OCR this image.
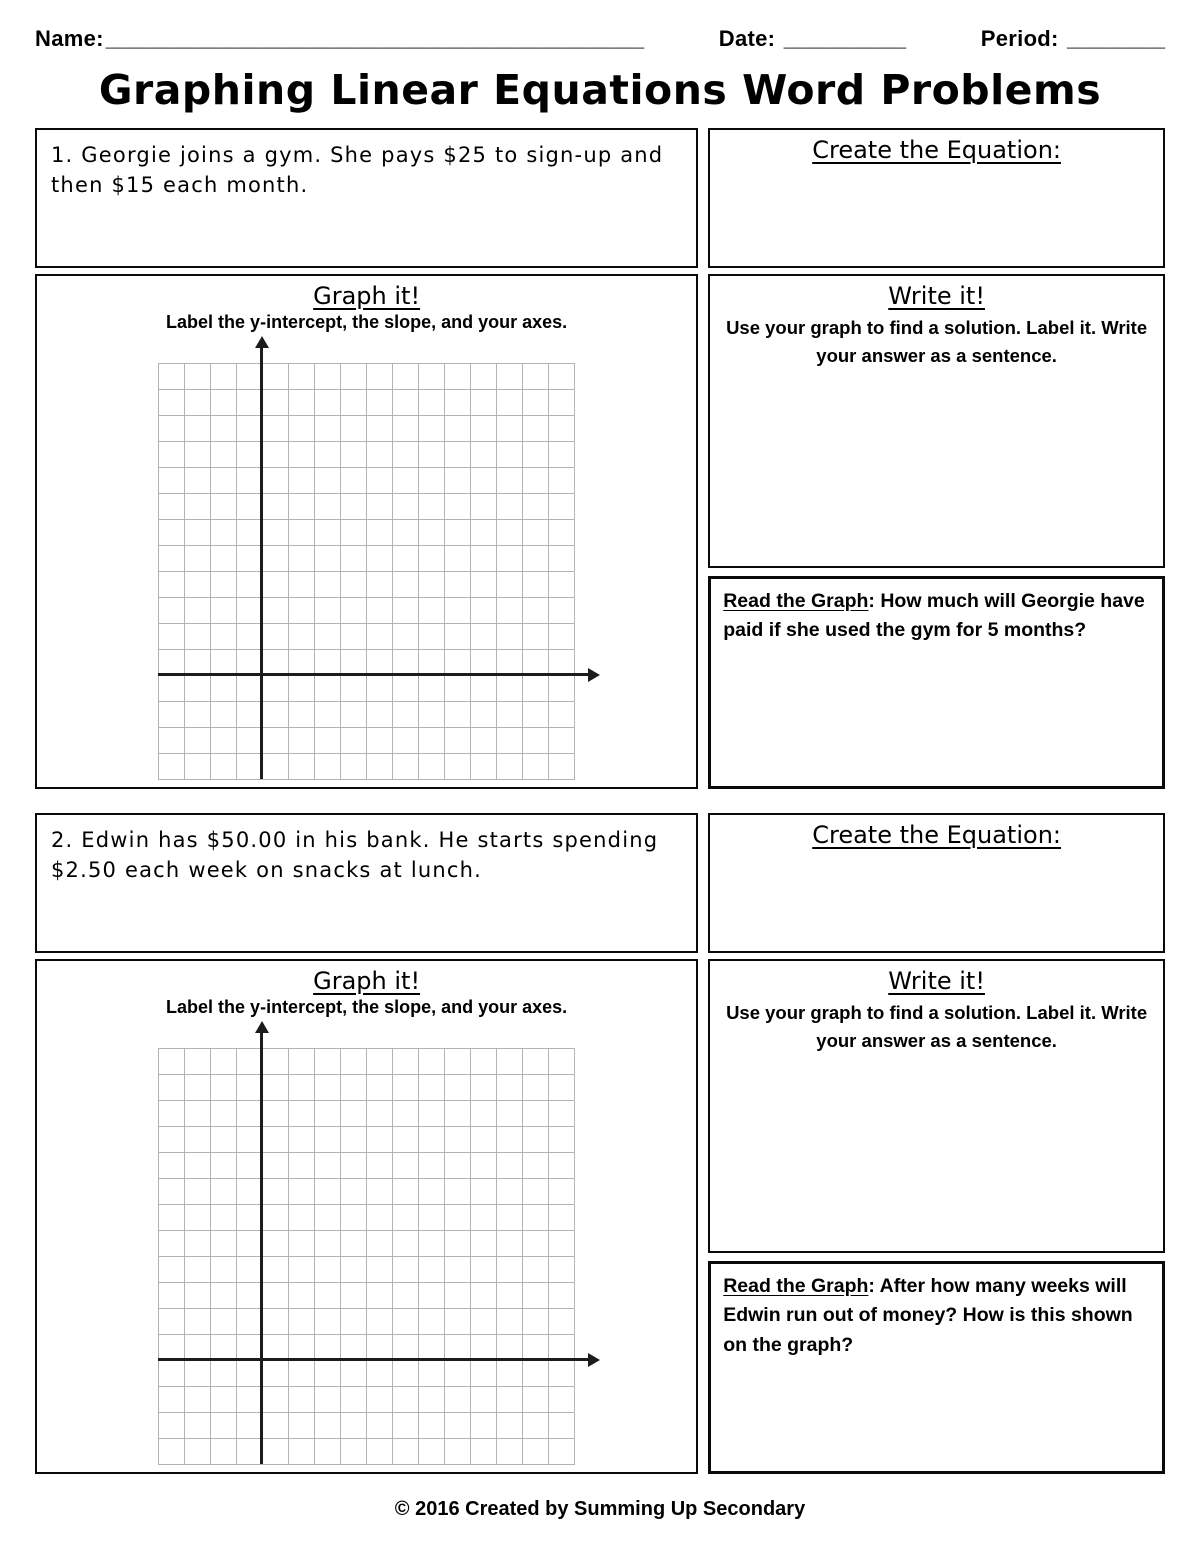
Name: ____________________________________________	Date:
__________	Period:
________
Graphing Linear Equations Word Problems

1. Georgie joins a gym. She pays $25 to sign-up and then $15 each month.

Graph it!
Label the y-intercept, the slope, and your axes.
Create the Equation:
Write it!

Use your graph to find a solution. Label it. Write your answer as a sentence.

Read the Graph: How much will Georgie have paid if she used the gym for 5 months?

2. Edwin has $50.00 in his bank. He starts spending $2.50 each week on snacks at lunch.

Graph it!
Label the y-intercept, the slope, and your axes.
Create the Equation:
Write it!

Use your graph to find a solution. Label it. Write your answer as a sentence.

Read the Graph: After how many weeks will Edwin run out of money? How is this shown on the graph?

© 2016 Created by Summing Up Secondary
